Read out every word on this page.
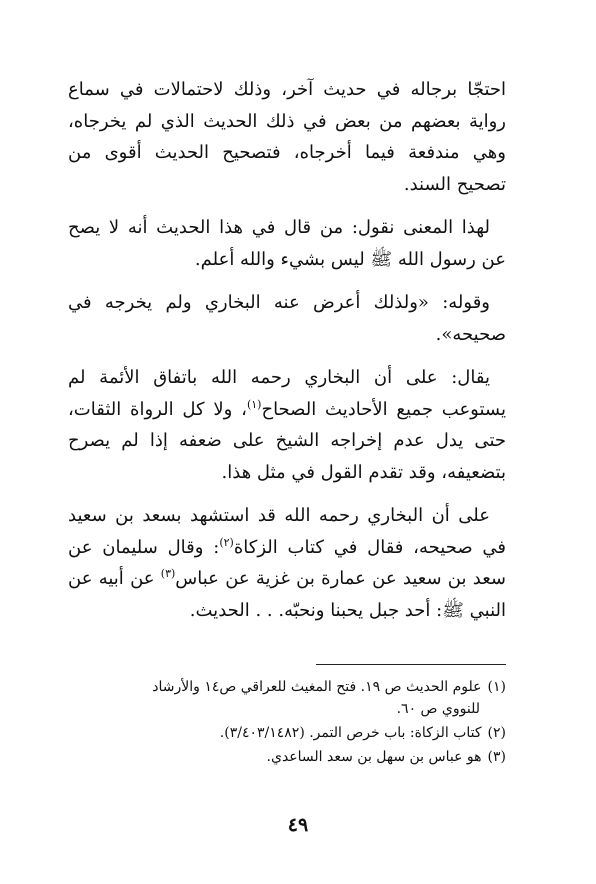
احتجّا برجاله في حديث آخر، وذلك لاحتمالات في سماع رواية بعضهم من بعض في ذلك الحديث الذي لم يخرجاه، وهي مندفعة فيما أخرجاه، فتصحيح الحديث أقوى من تصحيح السند.

لهذا المعنى نقول: من قال في هذا الحديث أنه لا يصح عن رسول الله ﷺ ليس بشيء والله أعلم.

وقوله: «ولذلك أعرض عنه البخاري ولم يخرجه في صحيحه».

يقال: على أن البخاري رحمه الله باتفاق الأئمة لم يستوعب جميع الأحاديث الصحاح$^{(١)}$، ولا كل الرواة الثقات، حتى يدل عدم إخراجه الشيخ على ضعفه إذا لم يصرح بتضعيفه، وقد تقدم القول في مثل هذا.

على أن البخاري رحمه الله قد استشهد بسعد بن سعيد في صحيحه، فقال في كتاب الزكاة$^{(٢)}$: وقال سليمان عن سعد بن سعيد عن عمارة بن غزية عن عباس$^{(٣)}$ عن أبيه عن النبي ﷺ: أحد جبل يحبنا ونحبّه. . . الحديث.

(١)علوم الحديث ص ١٩. فتح المغيث للعراقي ص١٤ والأرشاد
للنووي ص ٦٠.
(٢)كتاب الزكاة: باب خرص التمر. (٣/٤٠٣/١٤٨٢).
(٣)هو عباس بن سهل بن سعد الساعدي.
٤٩
